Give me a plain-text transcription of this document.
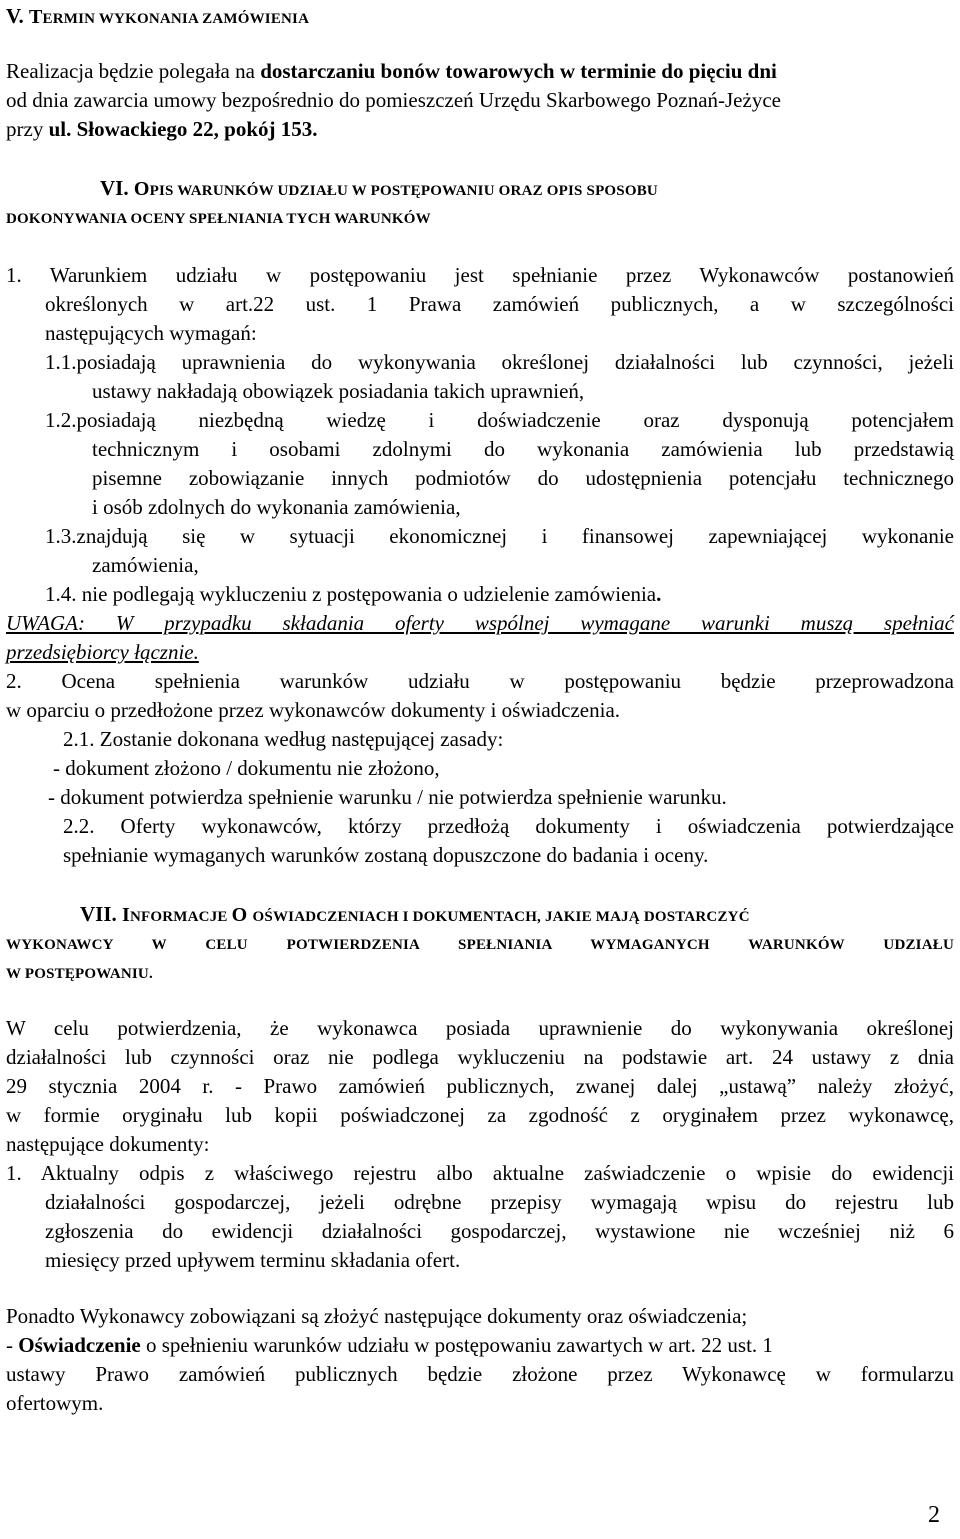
V. TERMIN WYKONANIA ZAMÓWIENIA
Realizacja będzie polegała na dostarczaniu bonów towarowych w terminie do pięciu dni
od dnia zawarcia umowy bezpośrednio do pomieszczeń Urzędu Skarbowego Poznań-Jeżyce
przy ul. Słowackiego 22, pokój 153.
VI. OPIS WARUNKÓW UDZIAŁU W POSTĘPOWANIU ORAZ OPIS SPOSOBU
DOKONYWANIA OCENY SPEŁNIANIA TYCH WARUNKÓW
1. Warunkiem udziału w postępowaniu jest spełnianie przez Wykonawców postanowień
określonych w art.22 ust. 1 Prawa zamówień publicznych, a w szczególności
następujących wymagań:
1.1.posiadają uprawnienia do wykonywania określonej działalności lub czynności, jeżeli
ustawy nakładają obowiązek posiadania takich uprawnień,
1.2.posiadają niezbędną wiedzę i doświadczenie oraz dysponują potencjałem
technicznym i osobami zdolnymi do wykonania zamówienia lub przedstawią
pisemne zobowiązanie innych podmiotów do udostępnienia potencjału technicznego
i osób zdolnych do wykonania zamówienia,
1.3.znajdują się w sytuacji ekonomicznej i finansowej zapewniającej wykonanie
zamówienia,
1.4. nie podlegają wykluczeniu z postępowania o udzielenie zamówienia.
UWAGA: W przypadku składania oferty wspólnej wymagane warunki muszą spełniać
przedsiębiorcy łącznie.
2. Ocena spełnienia warunków udziału w postępowaniu będzie przeprowadzona
w oparciu o przedłożone przez wykonawców dokumenty i oświadczenia.
2.1. Zostanie dokonana według następującej zasady:
- dokument złożono / dokumentu nie złożono,
- dokument potwierdza spełnienie warunku / nie potwierdza spełnienie warunku.
2.2. Oferty wykonawców, którzy przedłożą dokumenty i oświadczenia potwierdzające
spełnianie wymaganych warunków zostaną dopuszczone do badania i oceny.
VII. INFORMACJE O OŚWIADCZENIACH I DOKUMENTACH, JAKIE MAJĄ DOSTARCZYĆ
WYKONAWCY W CELU POTWIERDZENIA SPEŁNIANIA WYMAGANYCH WARUNKÓW UDZIAŁU
W POSTĘPOWANIU.
W celu potwierdzenia, że wykonawca posiada uprawnienie do wykonywania określonej
działalności lub czynności oraz nie podlega wykluczeniu na podstawie art. 24 ustawy z dnia
29 stycznia 2004 r. - Prawo zamówień publicznych, zwanej dalej „ustawą” należy złożyć,
w formie oryginału lub kopii poświadczonej za zgodność z oryginałem przez wykonawcę,
następujące dokumenty:
1. Aktualny odpis z właściwego rejestru albo aktualne zaświadczenie o wpisie do ewidencji
działalności gospodarczej, jeżeli odrębne przepisy wymagają wpisu do rejestru lub
zgłoszenia do ewidencji działalności gospodarczej, wystawione nie wcześniej niż 6
miesięcy przed upływem terminu składania ofert.
Ponadto Wykonawcy zobowiązani są złożyć następujące dokumenty oraz oświadczenia;
- Oświadczenie o spełnieniu warunków udziału w postępowaniu zawartych w art. 22 ust. 1
ustawy Prawo zamówień publicznych będzie złożone przez Wykonawcę w formularzu
ofertowym.
2
